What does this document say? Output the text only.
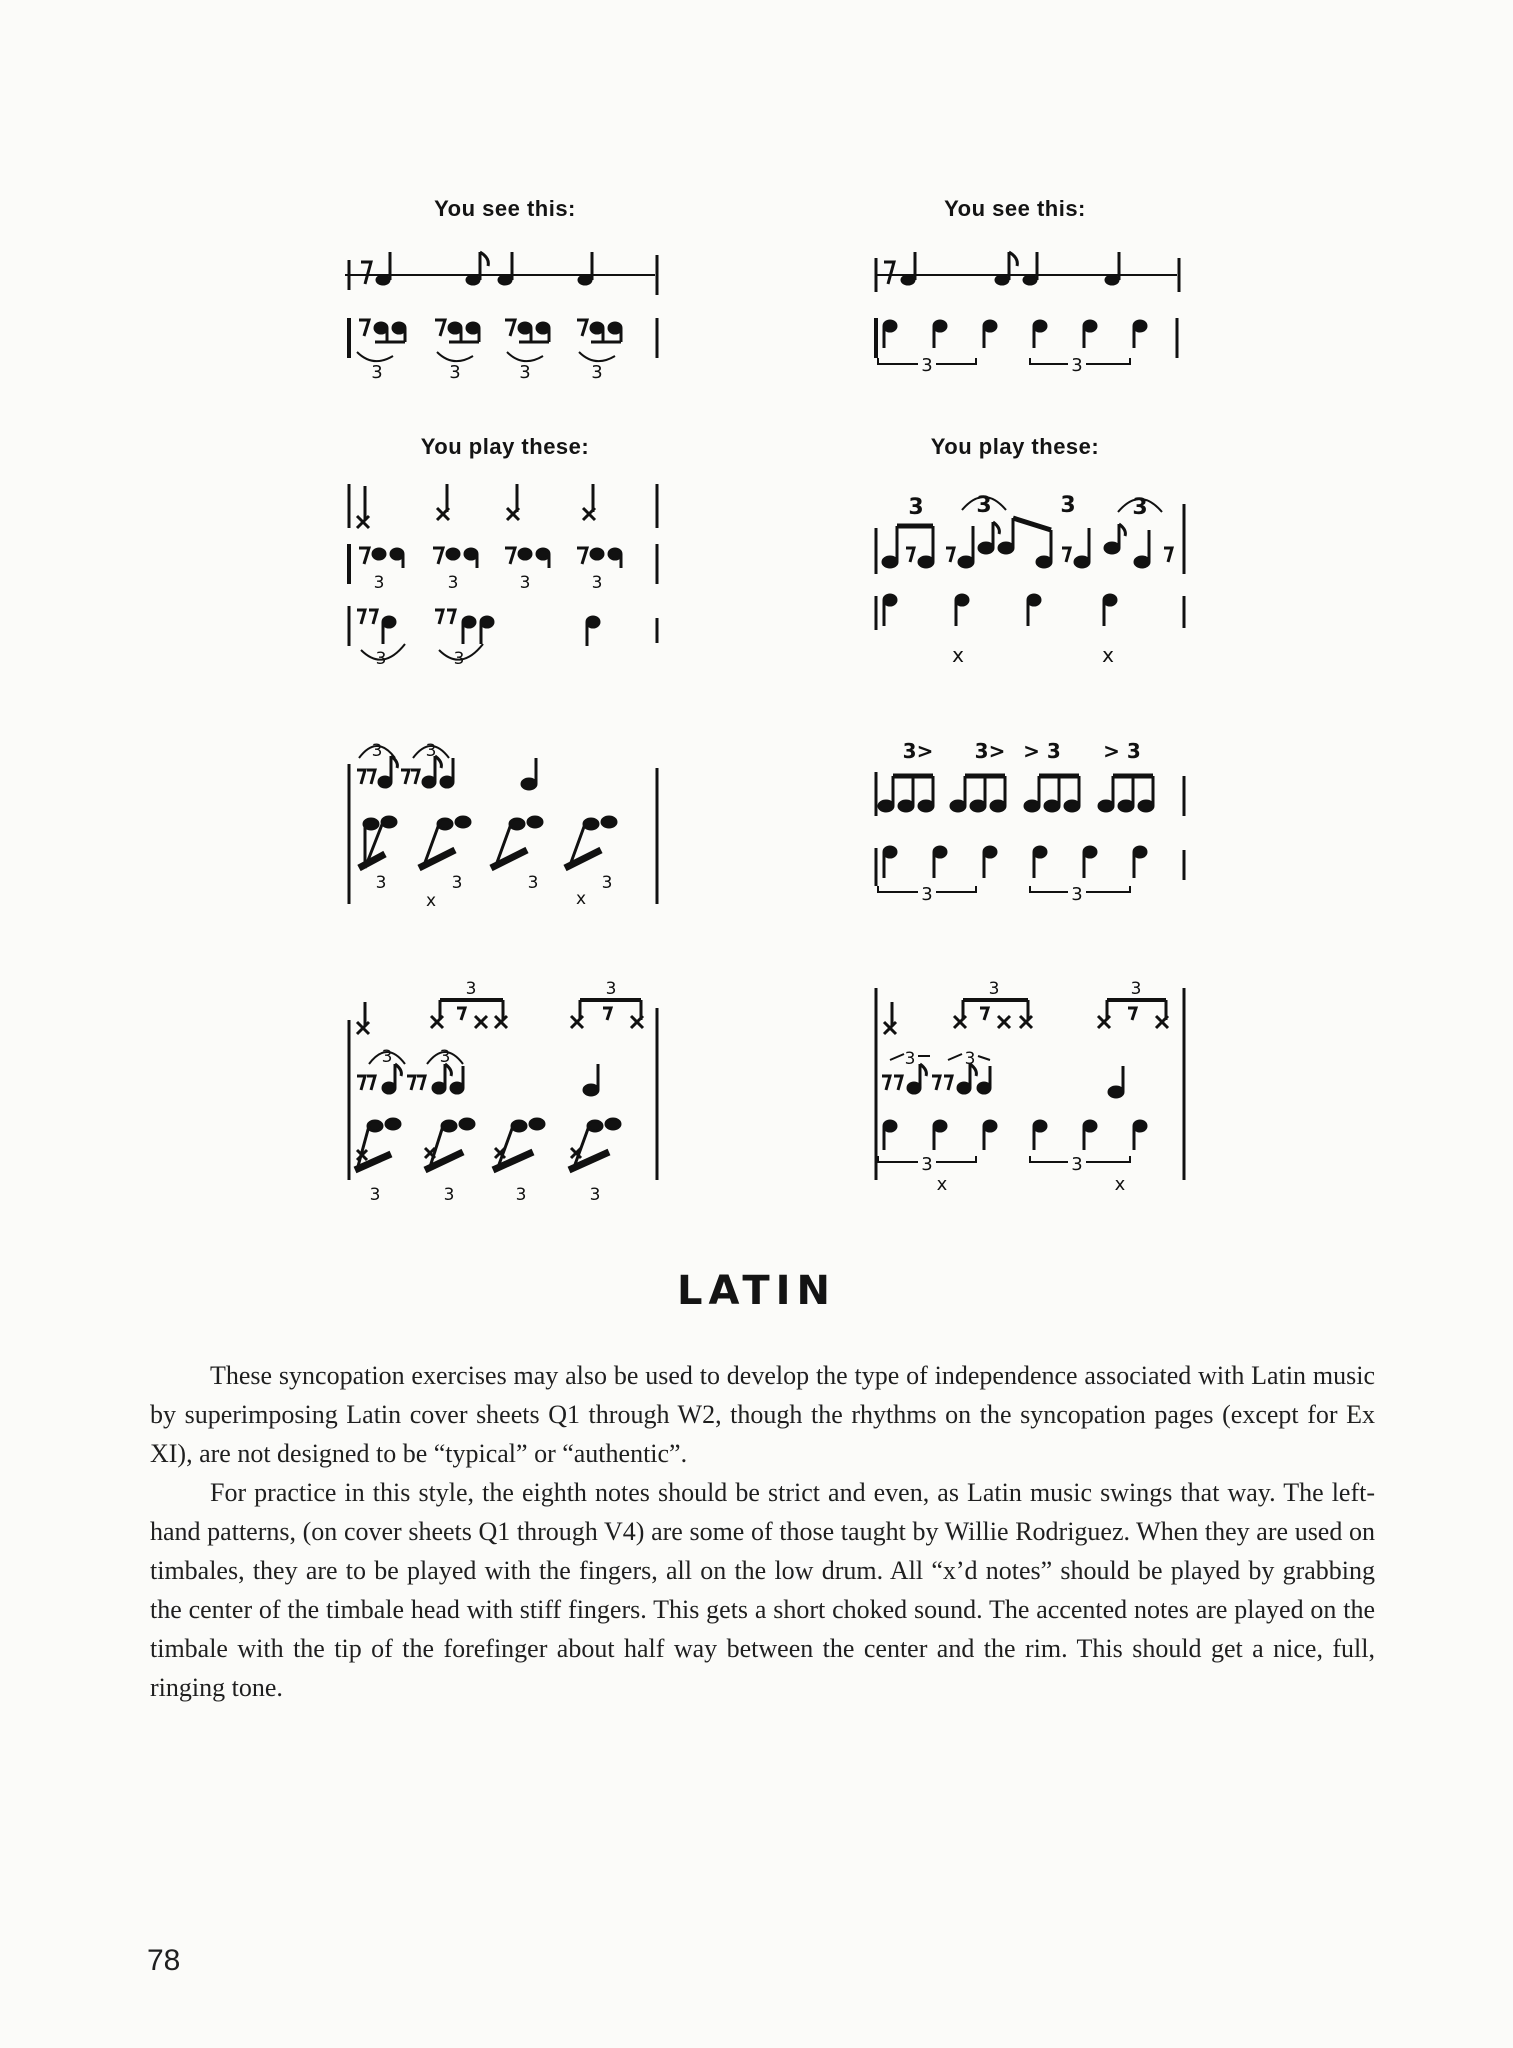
You see this:	You see this:
You play these:	You play these:
3	3	3	3	3	3
3	3	3	3
3	3
3	3
3	3	3	3
x	x
3	3
3	3
3	3	3	3
3 3	3	3
x	x
3> 3> > 3 > 3
3	3
3	3
3	3
3	3
x	x
LATIN

These syncopation exercises may also be used to develop the type of independence associated with Latin music by superimposing Latin cover sheets Q1 through W2, though the rhythms on the syncopation pages (except for Ex XI), are not designed to be “typical” or “authentic”.

For practice in this style, the eighth notes should be strict and even, as Latin music swings that way. The left-hand patterns, (on cover sheets Q1 through V4) are some of those taught by Willie Rodriguez. When they are used on timbales, they are to be played with the fingers, all on the low drum. All “x’d notes” should be played by grabbing the center of the timbale head with stiff fingers. This gets a short choked sound. The accented notes are played on the timbale with the tip of the forefinger about half way between the center and the rim. This should get a nice, full, ringing tone.

78
